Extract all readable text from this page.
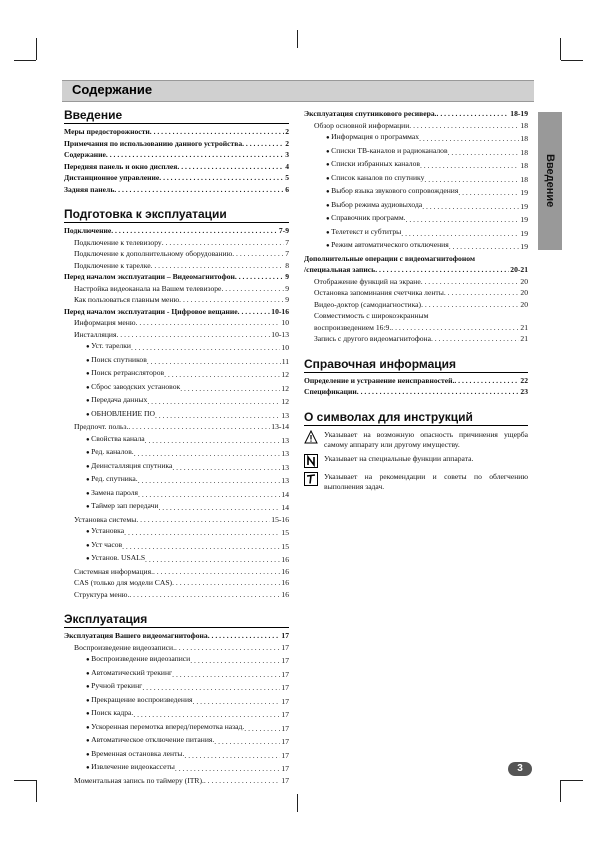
Содержание
Введение
Введение
Меры предосторожности . . .	2
Примечания по использованию данного устройства . . .	2
Содержание . . .	3
Передняя панель и окно дисплея . . .	4
Дистанционное управление . . .	5
Задняя панель . . .	6
Подготовка к эксплуатации
Подключение . . .	7-9
Подключение к телевизору . . .	7
Подключение к дополнительному оборудованию . . .	7
Подключение к тарелке . . .	8
Перед началом эксплуатации – Видеомагнитофон . . .	9
Настройка видеоканала на Вашем телевизоре . . .	9
Как пользоваться главным меню . . .	9
Перед началом эксплуатации - Цифровое вещание . . .	10-16
Информация меню . . .	10
Инсталляция . . .	10-13
● Уст. тарелки . . .	10
● Поиск спутников . . .	11
● Поиск ретрансляторов . . .	12
● Сброс заводских установок . . .	12
● Передача данных . . .	12
● ОБНОВЛЕНИЕ ПО . . .	13
Предпочт. польз. . . .	13-14
● Свойства канала . . .	13
● Ред. каналов. . . .	13
● Деинсталляция спутника . . .	13
● Ред. спутника. . . .	13
● Замена пароля . . .	14
● Таймер зап передачи . . .	14
Установка системы . . .	15-16
● Установка . . .	15
● Уст часов . . .	15
● Установ. USALS . . .	16
Системная информация. . . .	16
CAS (только для модели CAS) . . .	16
Структура меню. . . .	16
Эксплуатация
Эксплуатация Вашего видеомагнитофона . . .	17
Воспроизведение видеозаписи. . . .	17
● Воспроизведение видеозаписи . . .	17
● Автоматический трекинг . . .	17
● Ручной трекинг . . .	17
● Прекращение воспроизведения . . .	17
● Поиск кадра. . . .	17
● Ускоренная перемотка вперед/перемотка назад. . . .	17
● Автоматическое отключение питания. . . .	17
● Временная остановка ленты. . . .	17
● Извлечение видеокассеты . . .	17
Моментальная запись по таймеру (ITR). . . .	17
Эксплуатация спутникового ресивера. . . .	18-19
Обзор основной информации . . .	18
● Информация о программах . . .	18
● Списки ТВ-каналов и радиоканалов . . .	18
● Списки избранных каналов . . .	18
● Список каналов по спутнику . . .	18
● Выбор языка звукового сопровождения . . .	19
● Выбор режима аудиовыхода . . .	19
● Справочник программ. . . .	19
● Телетекст и субтитры . . .	19
● Режим автоматического отключения . . .	19
Дополнительные операции с видеомагнитофоном
/специальная запись . . .	20-21
Отображение функций на экране . . .	20
Остановка запоминания счетчика ленты . . .	20
Видео-доктор (самодиагностика) . . .	20
Совместимость с широкоэкранным
воспроизведением 16:9. . . .	21
Запись с другого видеомагнитофона . . .	21
Справочная информация
Определение и устранение неисправностей. . . .	22
Спецификации . . .	23
О символах для инструкций
Указывает на возможную опасность причинения ущерба самому аппарату или другому имуществу.
Указывает на специальные функции аппарата.
Указывает на рекомендации и советы по облегчению выполнения задач.
3
